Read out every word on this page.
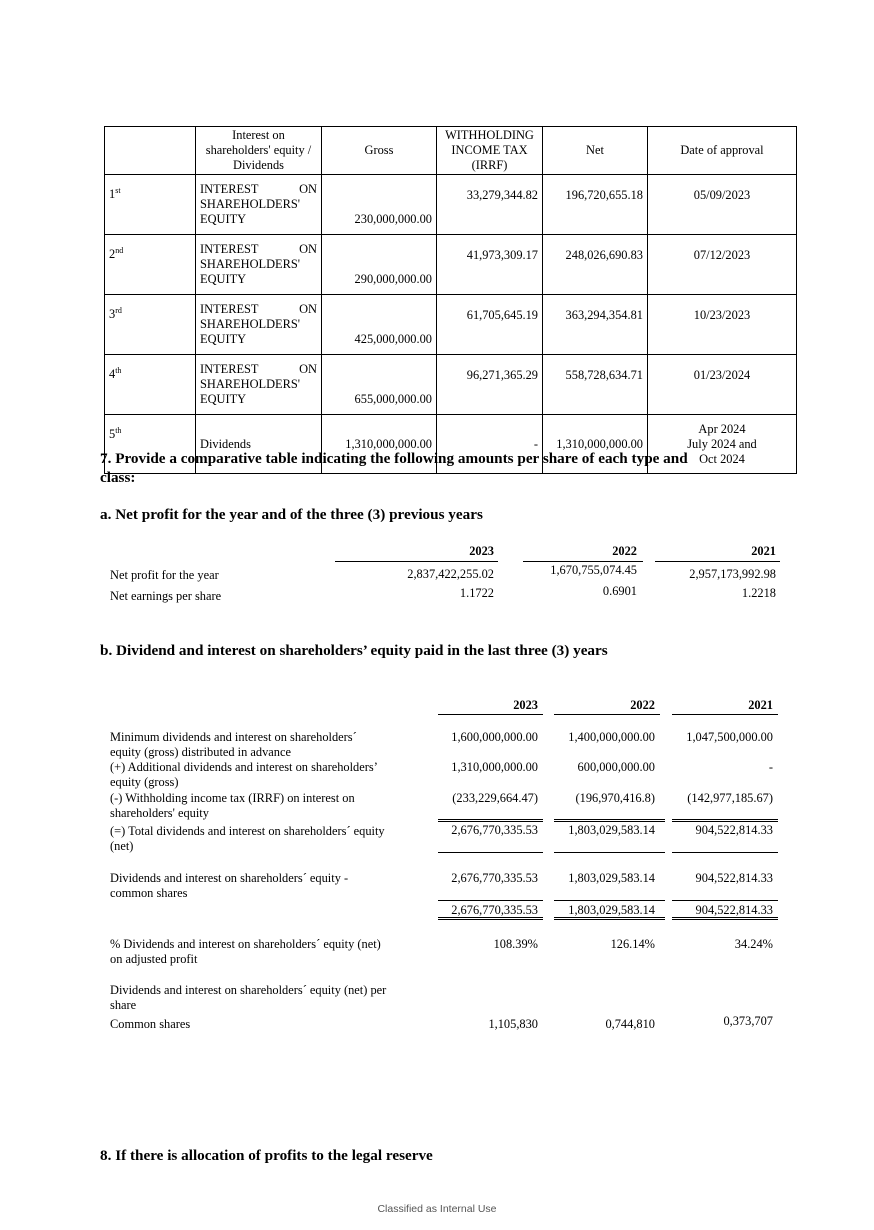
	Interest on shareholders' equity / Dividends	Gross	WITHHOLDING INCOME TAX (IRRF)	Net	Date of approval
1st	INTEREST ON SHAREHOLDERS' EQUITY	230,000,000.00	33,279,344.82	196,720,655.18	05/09/2023
2nd	INTEREST ON SHAREHOLDERS' EQUITY	290,000,000.00	41,973,309.17	248,026,690.83	07/12/2023
3rd	INTEREST ON SHAREHOLDERS' EQUITY	425,000,000.00	61,705,645.19	363,294,354.81	10/23/2023
4th	INTEREST ON SHAREHOLDERS' EQUITY	655,000,000.00	96,271,365.29	558,728,634.71	01/23/2024
5th	Dividends	1,310,000,000.00	-	1,310,000,000.00	Apr 2024
July 2024 and
Oct 2024
7. Provide a comparative table indicating the following amounts per share of each type and
class:
a. Net profit for the year and of the three (3) previous years
2023	2022	2021
Net profit for the year	2,837,422,255.02	1,670,755,074.45	2,957,173,992.98
Net earnings per share	1.1722	0.6901	1.2218
b. Dividend and interest on shareholders’ equity paid in the last three (3) years
2023	2022	2021
Minimum dividends and interest on shareholders´
equity (gross) distributed in advance
1,600,000,000.00	1,400,000,000.00	1,047,500,000.00
(+) Additional dividends and interest on shareholders’
equity (gross)
1,310,000,000.00	600,000,000.00	-
(-) Withholding income tax (IRRF) on interest on
shareholders' equity
(233,229,664.47)	(196,970,416.8)	(142,977,185.67)
(=) Total dividends and interest on shareholders´ equity
(net)
2,676,770,335.53	1,803,029,583.14	904,522,814.33
Dividends and interest on shareholders´ equity -
common shares
2,676,770,335.53	1,803,029,583.14	904,522,814.33
2,676,770,335.53	1,803,029,583.14	904,522,814.33
% Dividends and interest on shareholders´ equity (net)
on adjusted profit
108.39%	126.14%	34.24%
Dividends and interest on shareholders´ equity (net) per
share
Common shares	1,105,830	0,744,810	0,373,707
8. If there is allocation of profits to the legal reserve
Classified as Internal Use
